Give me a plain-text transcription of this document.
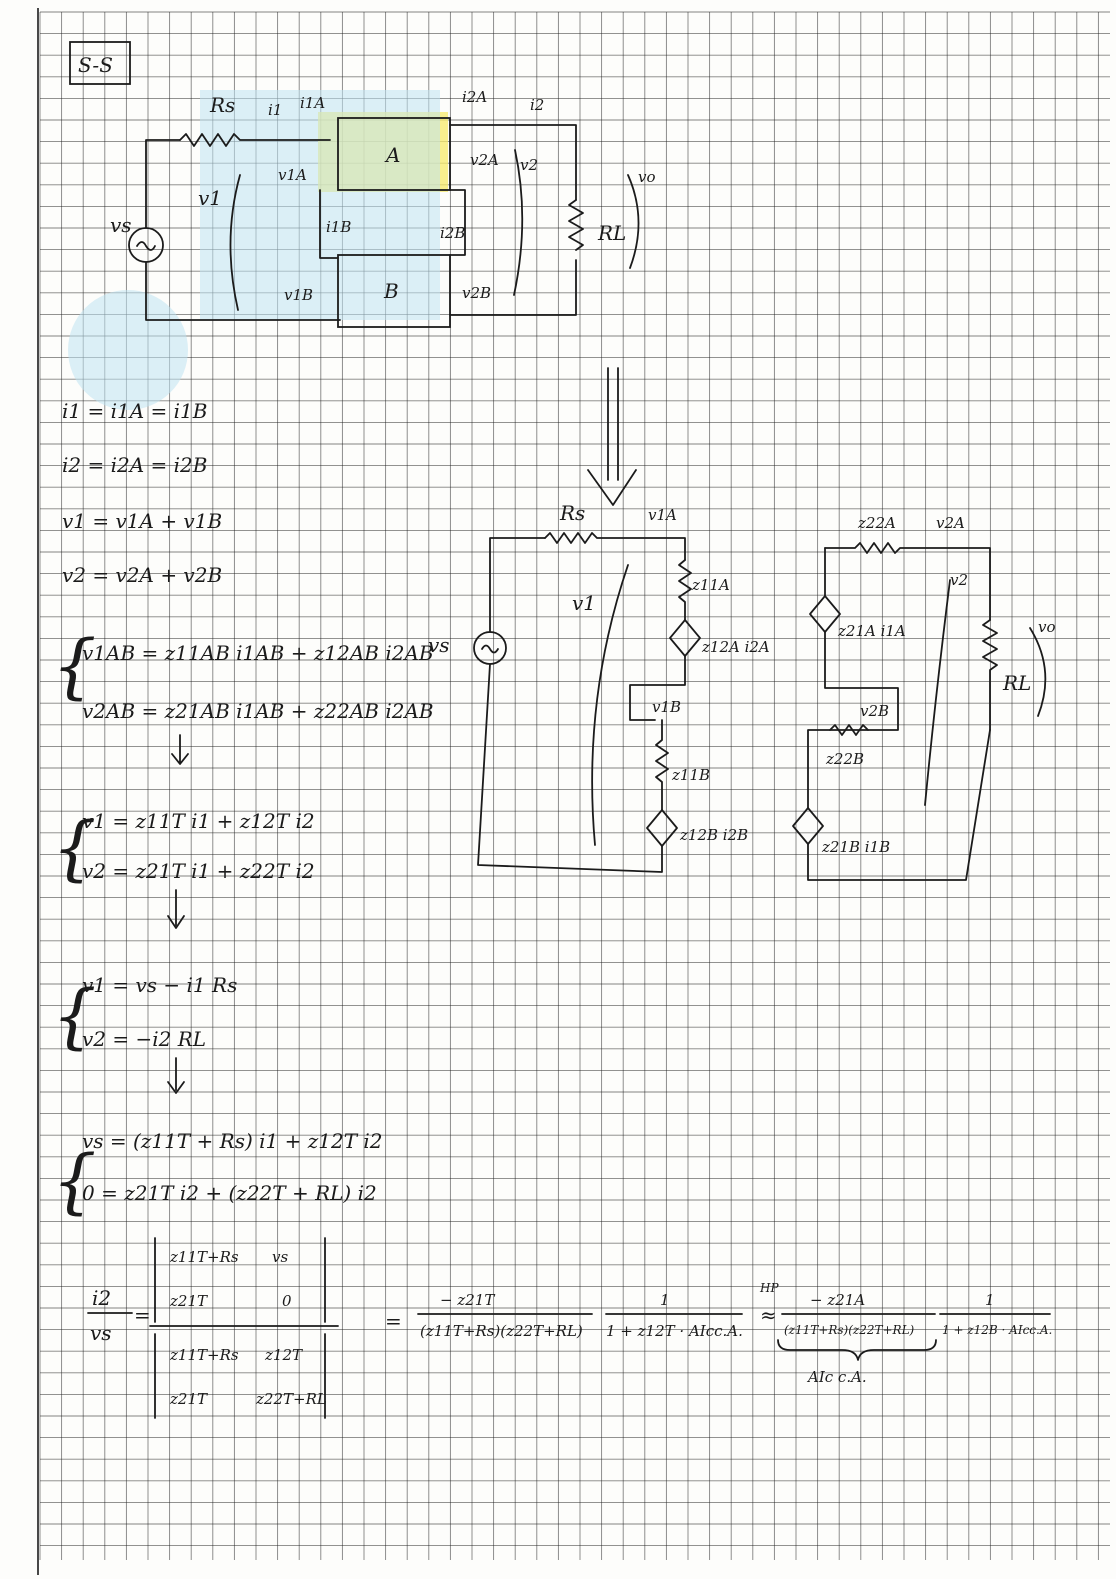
S-S
vs
Rs i1 i1A
v1
A
v1A
B
v1B
i1B	i2B	RL
vo
v2
i2
i2A
v2A
v2B
i1 = i1A = i1B
i2 = i2A = i2B
v1 = v1A + v1B
v2 = v2A + v2B
{
v1AB = z11AB i1AB + z12AB i2AB
v2AB = z21AB i1AB + z22AB i2AB
{
v1 = z11T i1 + z12T i2
v2 = z21T i1 + z22T i2
{
v1 = vs − i1 Rs
v2 = −i2 RL
{
vs = (z11T + Rs) i1 + z12T i2
0 = z21T i2 + (z22T + RL) i2
i2
vs
=
z11T+Rs vs
z21T	0
z11T+Rs z12T
z21T	z22T+RL
=
− z21T
(z11T+Rs)(z22T+RL)
1
1 + z12T · AIcc.A.
HP
≈
− z21A
(z11T+Rs)(z22T+RL)
AIc c.A.
1
1 + z12B · AIcc.A.
vs
Rs	v1A
z11A
z12A i2A
v1B
z11B
z12B i2B
v1
z22A	v2A
z21A i1A
z22B
v2B
z21B i1B
RL
vo
v2
